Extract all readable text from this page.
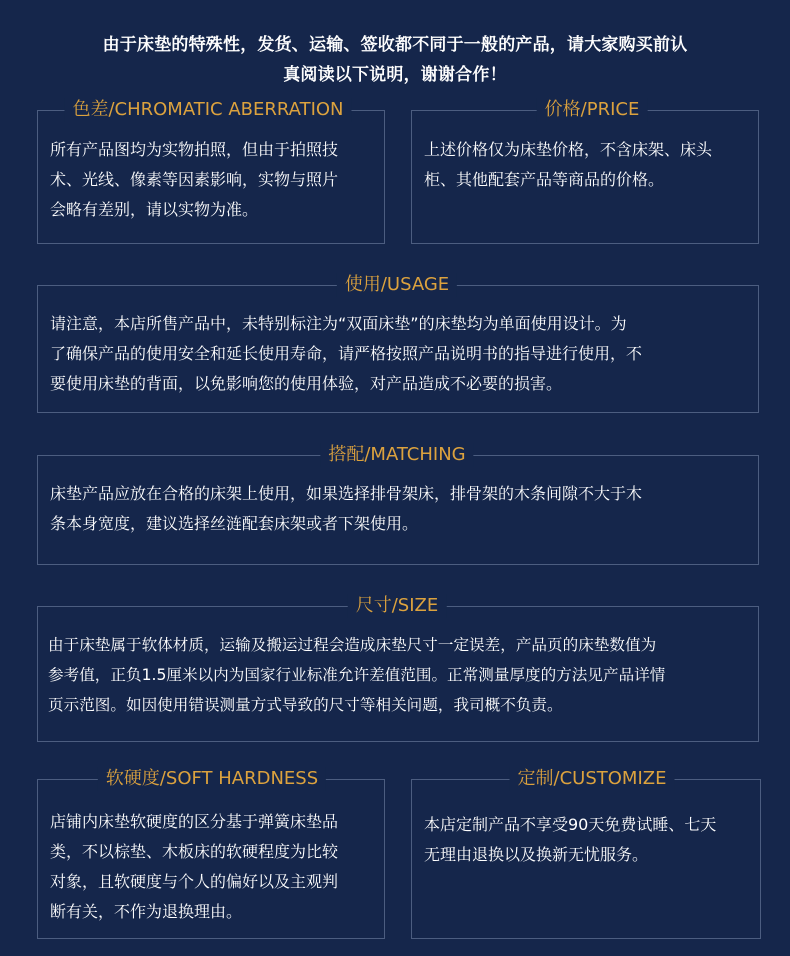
由于床垫的特殊性，发货、运输、签收都不同于一般的产品，请大家购买前认
真阅读以下说明，谢谢合作！
色差/CHROMATIC ABERRATION
所有产品图均为实物拍照，但由于拍照技
术、光线、像素等因素影响，实物与照片
会略有差别，请以实物为准。
价格/PRICE
上述价格仅为床垫价格，不含床架、床头
柜、其他配套产品等商品的价格。
使用/USAGE
请注意，本店所售产品中，未特别标注为“双面床垫”的床垫均为单面使用设计。为
了确保产品的使用安全和延长使用寿命，请严格按照产品说明书的指导进行使用，不
要使用床垫的背面，以免影响您的使用体验，对产品造成不必要的损害。
搭配/MATCHING
床垫产品应放在合格的床架上使用，如果选择排骨架床，排骨架的木条间隙不大于木
条本身宽度，建议选择丝涟配套床架或者下架使用。
尺寸/SIZE
由于床垫属于软体材质，运输及搬运过程会造成床垫尺寸一定误差，产品页的床垫数值为
参考值，正负1.5厘米以内为国家行业标准允许差值范围。正常测量厚度的方法见产品详情
页示范图。如因使用错误测量方式导致的尺寸等相关问题，我司概不负责。
软硬度/SOFT HARDNESS
店铺内床垫软硬度的区分基于弹簧床垫品
类，不以棕垫、木板床的软硬程度为比较
对象，且软硬度与个人的偏好以及主观判
断有关，不作为退换理由。
定制/CUSTOMIZE
本店定制产品不享受90天免费试睡、七天
无理由退换以及换新无忧服务。
